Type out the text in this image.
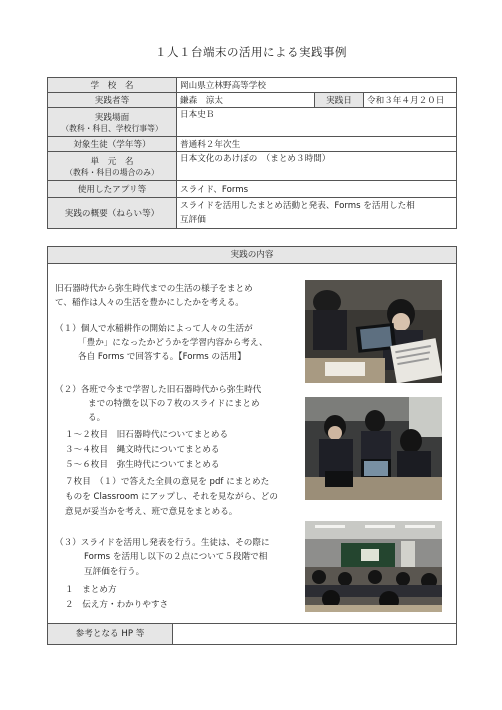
１人１台端末の活用による実践事例
学　校　名	岡山県立林野高等学校		
実践者等	鎌森　涼太	実践日	令和３年４月２０日
実践場面
（教科・科目、学校行事等）	日本史Ｂ		
対象生徒（学年等）	普通科２年次生		
単　元　名
（教科・科目の場合のみ）	日本文化のあけぼの　（まとめ３時間）		
使用したアプリ等	スライド、Forms		
実践の概要（ねらい等）	スライドを活用したまとめ活動と発表、Forms を活用した相
互評価		
実践の内容
旧石器時代から弥生時代までの生活の様子をまとめ
て、稲作は人々の生活を豊かにしたかを考える。
（１）個人で水稲耕作の開始によって人々の生活が
「豊か」になったかどうかを学習内容から考え、
各自 Forms で回答する。【Forms の活用】
（２）各班で今まで学習した旧石器時代から弥生時代
までの特徴を以下の７枚のスライドにまとめ
る。
１～２枚目　旧石器時代についてまとめる
３～４枚目　縄文時代についてまとめる
５～６枚目　弥生時代についてまとめる
７枚目　（１）で答えた全員の意見を pdf にまとめた
ものを Classroom にアップし、それを見ながら、どの
意見が妥当かを考え、班で意見をまとめる。
（３）スライドを活用し発表を行う。生徒は、その際に
Forms を活用し以下の２点について５段階で相
互評価を行う。
１　まとめ方
２　伝え方・わかりやすさ
参考となる HP 等
